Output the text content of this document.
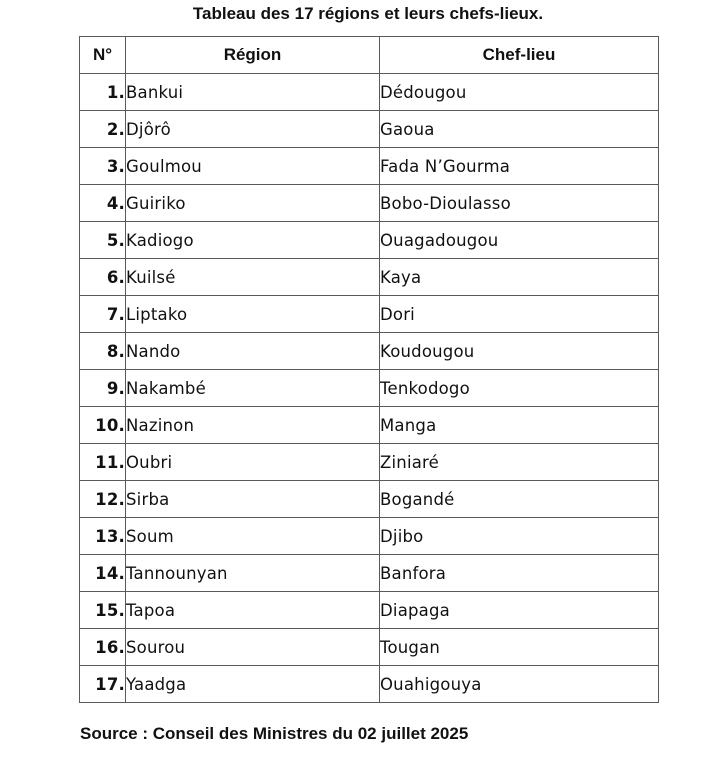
Tableau des 17 régions et leurs chefs-lieux.
N°	Région	Chef-lieu
1.	Bankui	Dédougou
2.	Djôrô	Gaoua
3.	Goulmou	Fada N’Gourma
4.	Guiriko	Bobo-Dioulasso
5.	Kadiogo	Ouagadougou
6.	Kuilsé	Kaya
7.	Liptako	Dori
8.	Nando	Koudougou
9.	Nakambé	Tenkodogo
10.	Nazinon	Manga
11.	Oubri	Ziniaré
12.	Sirba	Bogandé
13.	Soum	Djibo
14.	Tannounyan	Banfora
15.	Tapoa	Diapaga
16.	Sourou	Tougan
17.	Yaadga	Ouahigouya
Source : Conseil des Ministres du 02 juillet 2025
